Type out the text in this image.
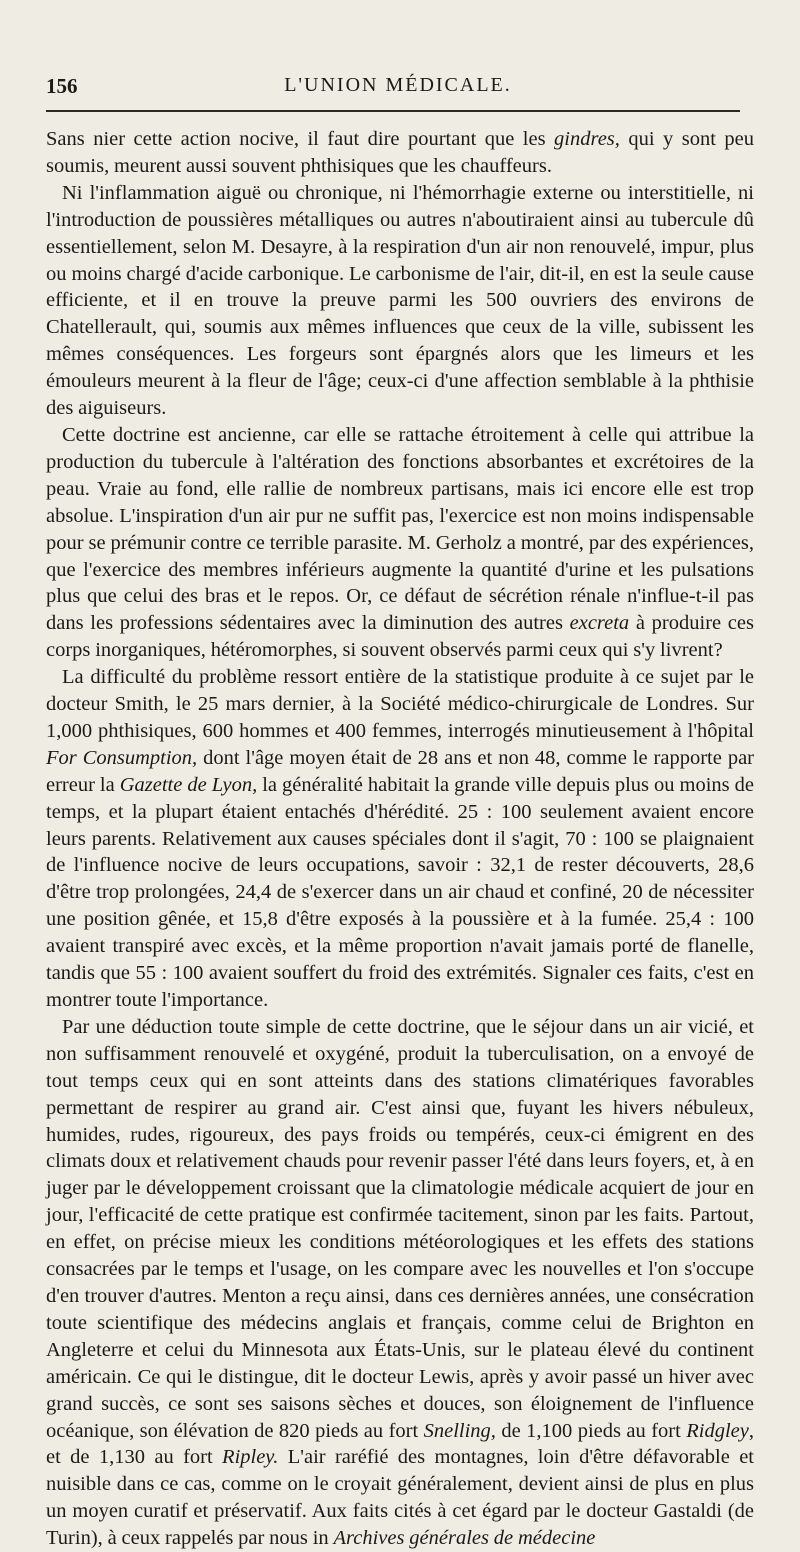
156	L'UNION MÉDICALE.

Sans nier cette action nocive, il faut dire pourtant que les gindres, qui y sont peu soumis, meurent aussi souvent phthisiques que les chauffeurs.

Ni l'inflammation aiguë ou chronique, ni l'hémorrhagie externe ou interstitielle, ni l'introduction de poussières métalliques ou autres n'aboutiraient ainsi au tubercule dû essentiellement, selon M. Desayre, à la respiration d'un air non renouvelé, impur, plus ou moins chargé d'acide carbonique. Le carbonisme de l'air, dit-il, en est la seule cause efficiente, et il en trouve la preuve parmi les 500 ouvriers des environs de Chatellerault, qui, soumis aux mêmes influences que ceux de la ville, subissent les mêmes conséquences. Les forgeurs sont épargnés alors que les limeurs et les émouleurs meurent à la fleur de l'âge; ceux-ci d'une affection semblable à la phthisie des aiguiseurs.

Cette doctrine est ancienne, car elle se rattache étroitement à celle qui attribue la production du tubercule à l'altération des fonctions absorbantes et excrétoires de la peau. Vraie au fond, elle rallie de nombreux partisans, mais ici encore elle est trop absolue. L'inspiration d'un air pur ne suffit pas, l'exercice est non moins indispensable pour se prémunir contre ce terrible parasite. M. Gerholz a montré, par des expériences, que l'exercice des membres inférieurs augmente la quantité d'urine et les pulsations plus que celui des bras et le repos. Or, ce défaut de sécrétion rénale n'influe-t-il pas dans les professions sédentaires avec la diminution des autres excreta à produire ces corps inorganiques, hétéromorphes, si souvent observés parmi ceux qui s'y livrent?

La difficulté du problème ressort entière de la statistique produite à ce sujet par le docteur Smith, le 25 mars dernier, à la Société médico-chirurgicale de Londres. Sur 1,000 phthisiques, 600 hommes et 400 femmes, interrogés minutieusement à l'hôpital For Consumption, dont l'âge moyen était de 28 ans et non 48, comme le rapporte par erreur la Gazette de Lyon, la généralité habitait la grande ville depuis plus ou moins de temps, et la plupart étaient entachés d'hérédité. 25 : 100 seulement avaient encore leurs parents. Relativement aux causes spéciales dont il s'agit, 70 : 100 se plaignaient de l'influence nocive de leurs occupations, savoir : 32,1 de rester découverts, 28,6 d'être trop prolongées, 24,4 de s'exercer dans un air chaud et confiné, 20 de nécessiter une position gênée, et 15,8 d'être exposés à la poussière et à la fumée. 25,4 : 100 avaient transpiré avec excès, et la même proportion n'avait jamais porté de flanelle, tandis que 55 : 100 avaient souffert du froid des extrémités. Signaler ces faits, c'est en montrer toute l'importance.

Par une déduction toute simple de cette doctrine, que le séjour dans un air vicié, et non suffisamment renouvelé et oxygéné, produit la tuberculisation, on a envoyé de tout temps ceux qui en sont atteints dans des stations climatériques favorables permettant de respirer au grand air. C'est ainsi que, fuyant les hivers nébuleux, humides, rudes, rigoureux, des pays froids ou tempérés, ceux-ci émigrent en des climats doux et relativement chauds pour revenir passer l'été dans leurs foyers, et, à en juger par le développement croissant que la climatologie médicale acquiert de jour en jour, l'efficacité de cette pratique est confirmée tacitement, sinon par les faits. Partout, en effet, on précise mieux les conditions météorologiques et les effets des stations consacrées par le temps et l'usage, on les compare avec les nouvelles et l'on s'occupe d'en trouver d'autres. Menton a reçu ainsi, dans ces dernières années, une consécration toute scientifique des médecins anglais et français, comme celui de Brighton en Angleterre et celui du Minnesota aux États-Unis, sur le plateau élevé du continent américain. Ce qui le distingue, dit le docteur Lewis, après y avoir passé un hiver avec grand succès, ce sont ses saisons sèches et douces, son éloignement de l'influence océanique, son élévation de 820 pieds au fort Snelling, de 1,100 pieds au fort Ridgley, et de 1,130 au fort Ripley. L'air raréfié des montagnes, loin d'être défavorable et nuisible dans ce cas, comme on le croyait généralement, devient ainsi de plus en plus un moyen curatif et préservatif. Aux faits cités à cet égard par le docteur Gastaldi (de Turin), à ceux rappelés par nous in Archives générales de médecine
